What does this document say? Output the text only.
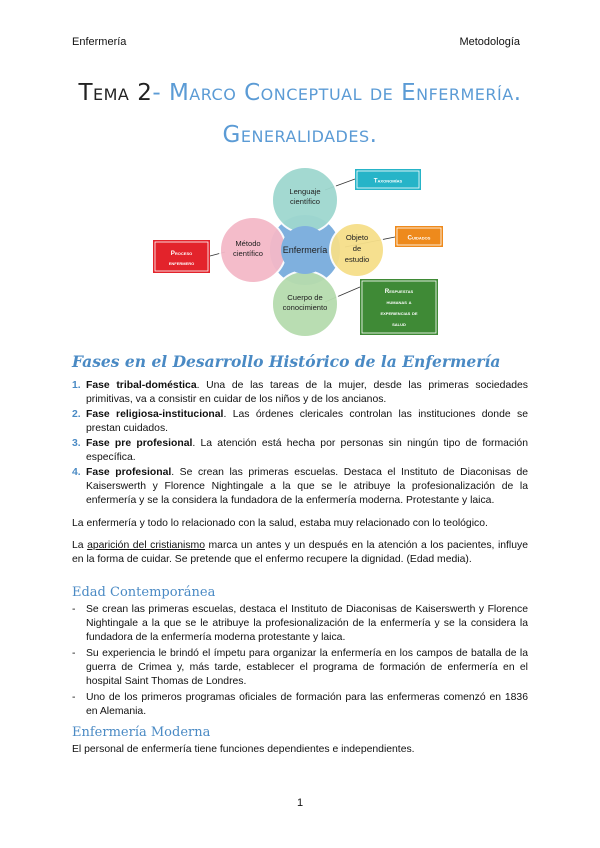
Enfermería	Metodología
Tema 2- Marco Conceptual de Enfermería.
Generalidades.
Lenguaje
científico
Método
científico Enfermería
Objeto
de
estudio
Cuerpo de
conocimiento
Taxonomías
Cuidados
Proceso
enfermero
Respuestas
humanas a
experiencias de
salud
Fases en el Desarrollo Histórico de la Enfermería
1. Fase tribal-doméstica. Una de las tareas de la mujer, desde las primeras sociedades primitivas, va a consistir en cuidar de los niños y de los ancianos.
2. Fase religiosa-institucional. Las órdenes clericales controlan las instituciones donde se prestan cuidados.
3. Fase pre profesional. La atención está hecha por personas sin ningún tipo de formación específica.
4. Fase profesional. Se crean las primeras escuelas. Destaca el Instituto de Diaconisas de Kaiserswerth y Florence Nightingale a la que se le atribuye la profesionalización de la enfermería y se la considera la fundadora de la enfermería moderna. Protestante y laica.
La enfermería y todo lo relacionado con la salud, estaba muy relacionado con lo teológico.
La aparición del cristianismo marca un antes y un después en la atención a los pacientes, influye en la forma de cuidar. Se pretende que el enfermo recupere la dignidad. (Edad media).
Edad Contemporánea
- Se crean las primeras escuelas, destaca el Instituto de Diaconisas de Kaiserswerth y Florence Nightingale a la que se le atribuye la profesionalización de la enfermería y se la considera la fundadora de la enfermería moderna protestante y laica.
- Su experiencia le brindó el ímpetu para organizar la enfermería en los campos de batalla de la guerra de Crimea y, más tarde, establecer el programa de formación de enfermería en el hospital Saint Thomas de Londres.
- Uno de los primeros programas oficiales de formación para las enfermeras comenzó en 1836 en Alemania.
Enfermería Moderna
El personal de enfermería tiene funciones dependientes e independientes.
1
